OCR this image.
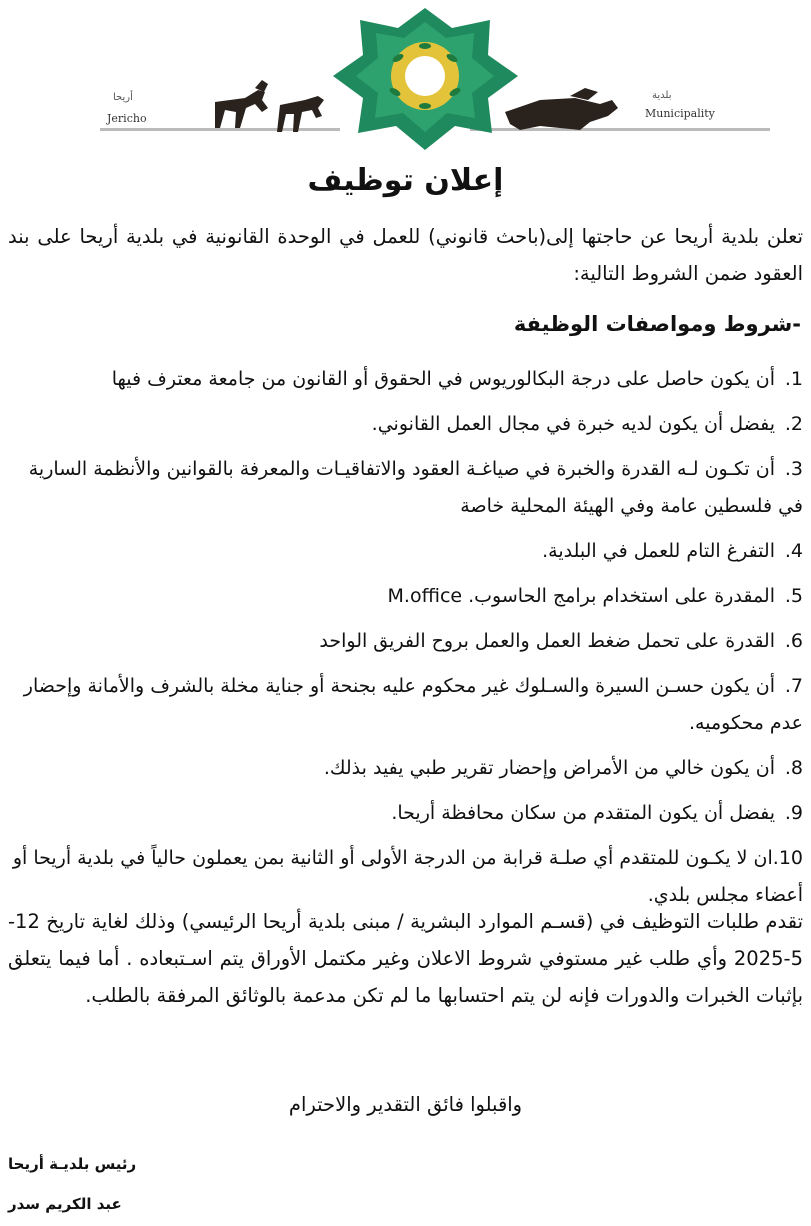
أريحا
Jericho
بلدية
Municipality
إعلان توظيف

تعلن بلدية أريحا عن حاجتها إلى(باحث قانوني) للعمل في الوحدة القانونية في بلدية أريحا على بند العقود ضمن الشروط التالية:

-شروط ومواصفات الوظيفة
1.أن يكون حاصل على درجة البكالوريوس في الحقوق أو القانون من جامعة معترف فيها
2.يفضل أن يكون لديه خبرة في مجال العمل القانوني.
3.أن تكـون لـه القدرة والخبرة في صياغـة العقود والاتفاقيـات والمعرفة بالقوانين والأنظمة السارية في فلسطين عامة وفي الهيئة المحلية خاصة
4.التفرغ التام للعمل في البلدية.
5.المقدرة على استخدام برامج الحاسوب. M.office
6.القدرة على تحمل ضغط العمل والعمل بروح الفريق الواحد
7.أن يكون حسـن السيرة والسـلوك غير محكوم عليه بجنحة أو جناية مخلة بالشرف والأمانة وإحضار عدم محكوميه.
8.أن يكون خالي من الأمراض وإحضار تقرير طبي يفيد بذلك.
9.يفضل أن يكون المتقدم من سكان محافظة أريحا.
10.ان لا يكـون للمتقدم أي صلـة قرابة من الدرجة الأولى أو الثانية بمن يعملون حالياً في بلدية أريحا أو أعضاء مجلس بلدي.

تقدم طلبات التوظيف في (قسـم الموارد البشرية / مبنى بلدية أريحا الرئيسي) وذلك لغاية تاريخ 12-5-2025 وأي طلب غير مستوفي شروط الاعلان وغير مكتمل الأوراق يتم اسـتبعاده . أما فيما يتعلق بإثبات الخبرات والدورات فإنه لن يتم احتسابها ما لم تكن مدعمة بالوثائق المرفقة بالطلب.

واقبلوا فائق التقدير والاحترام
رئيس بلديـة أريحا
عبد الكريم سدر
